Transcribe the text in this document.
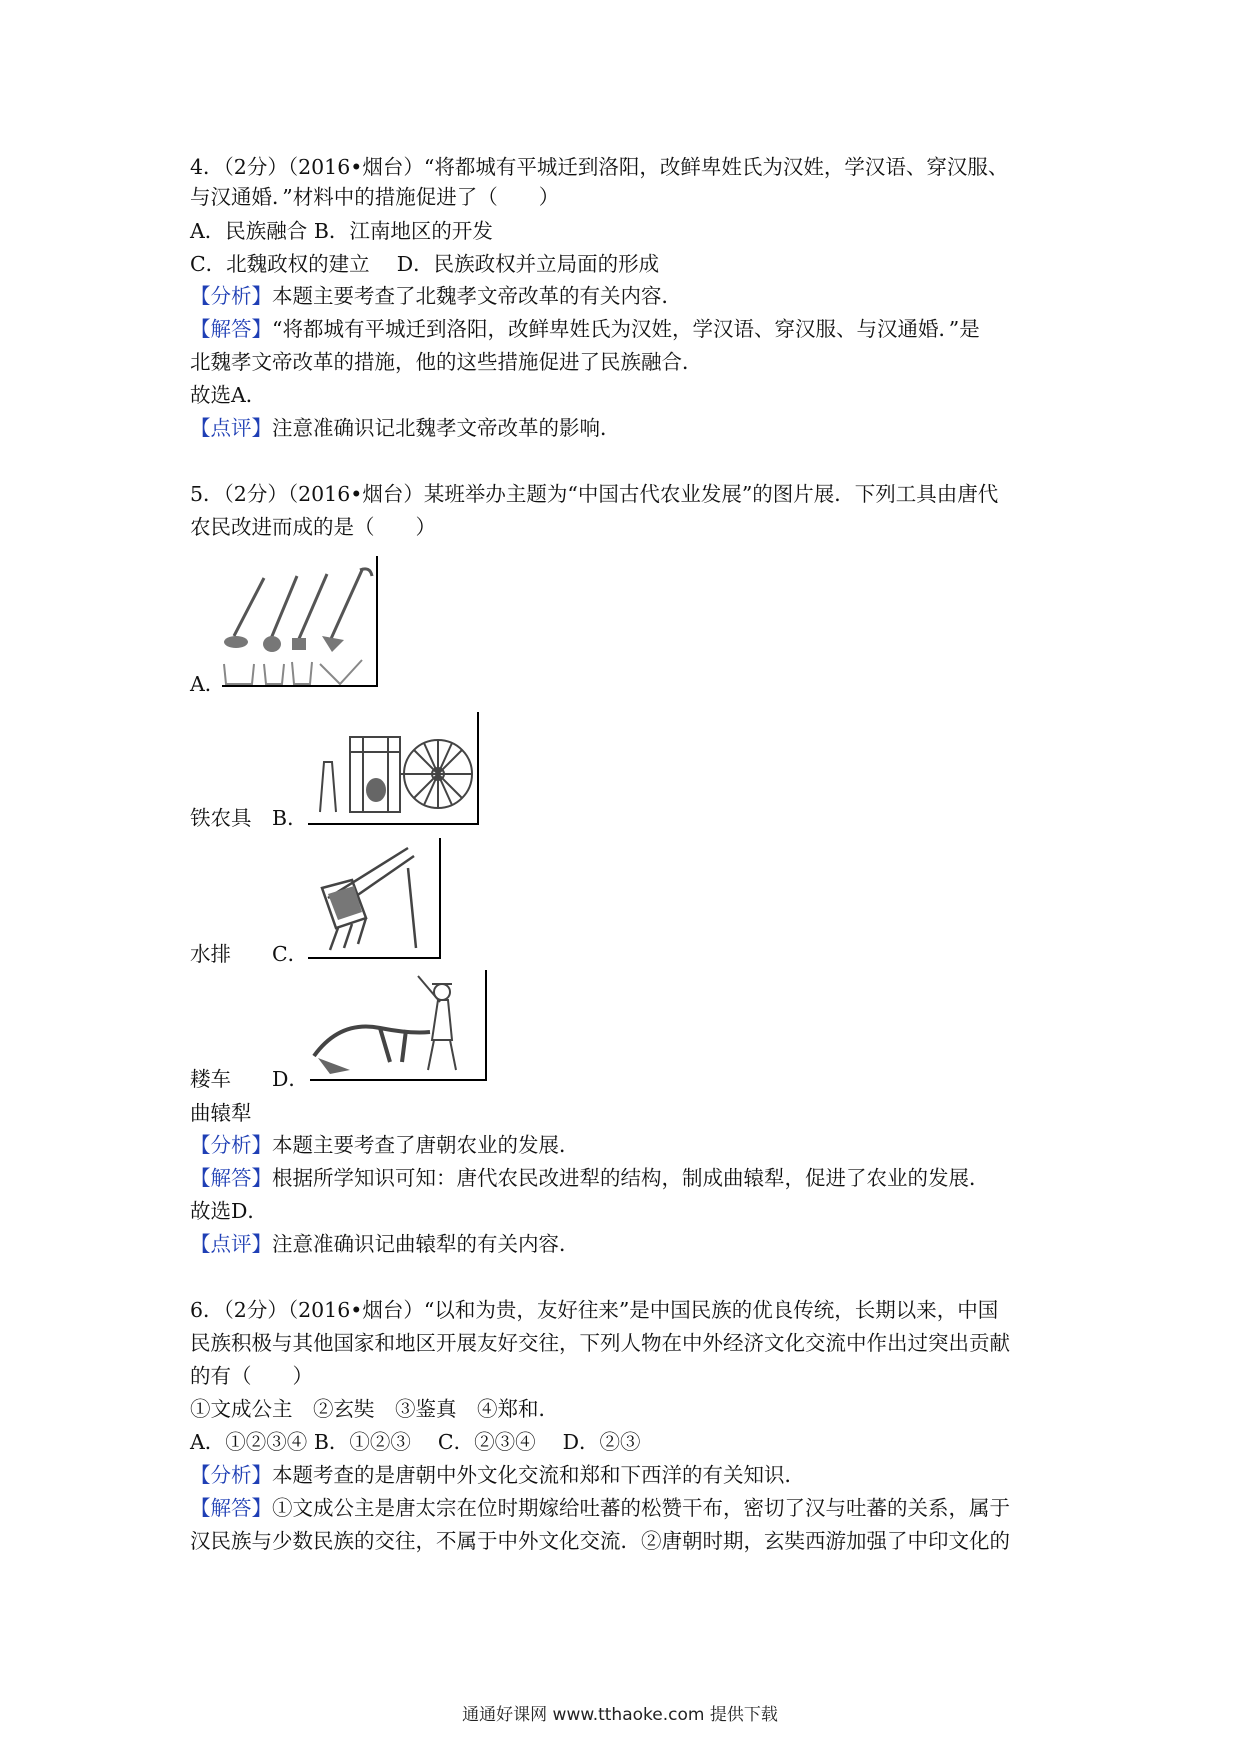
4．（2分）（2016•烟台）“将都城有平城迁到洛阳，改鲜卑姓氏为汉姓，学汉语、穿汉服、
与汉通婚．”材料中的措施促进了（　　）
A．民族融合 B．江南地区的开发
C．北魏政权的建立　 D．民族政权并立局面的形成
【分析】本题主要考查了北魏孝文帝改革的有关内容．
【解答】“将都城有平城迁到洛阳，改鲜卑姓氏为汉姓，学汉语、穿汉服、与汉通婚．”是
北魏孝文帝改革的措施，他的这些措施促进了民族融合．
故选A．
【点评】注意准确识记北魏孝文帝改革的影响．
5．（2分）（2016•烟台）某班举办主题为“中国古代农业发展”的图片展．下列工具由唐代
农民改进而成的是（　　）
A．
铁农具　B．
水排　　C．
耧车　　D．
曲辕犁
【分析】本题主要考查了唐朝农业的发展．
【解答】根据所学知识可知：唐代农民改进犁的结构，制成曲辕犁，促进了农业的发展．
故选D．
【点评】注意准确识记曲辕犁的有关内容．
6．（2分）（2016•烟台）“以和为贵，友好往来”是中国民族的优良传统，长期以来，中国
民族积极与其他国家和地区开展友好交往，下列人物在中外经济文化交流中作出过突出贡献
的有（　　）
①文成公主　②玄奘　③鉴真　④郑和．
A．①②③④ B．①②③　 C．②③④　 D．②③
【分析】本题考查的是唐朝中外文化交流和郑和下西洋的有关知识．
【解答】①文成公主是唐太宗在位时期嫁给吐蕃的松赞干布，密切了汉与吐蕃的关系，属于
汉民族与少数民族的交往，不属于中外文化交流．②唐朝时期，玄奘西游加强了中印文化的
通通好课网 www.tthaoke.com 提供下载
